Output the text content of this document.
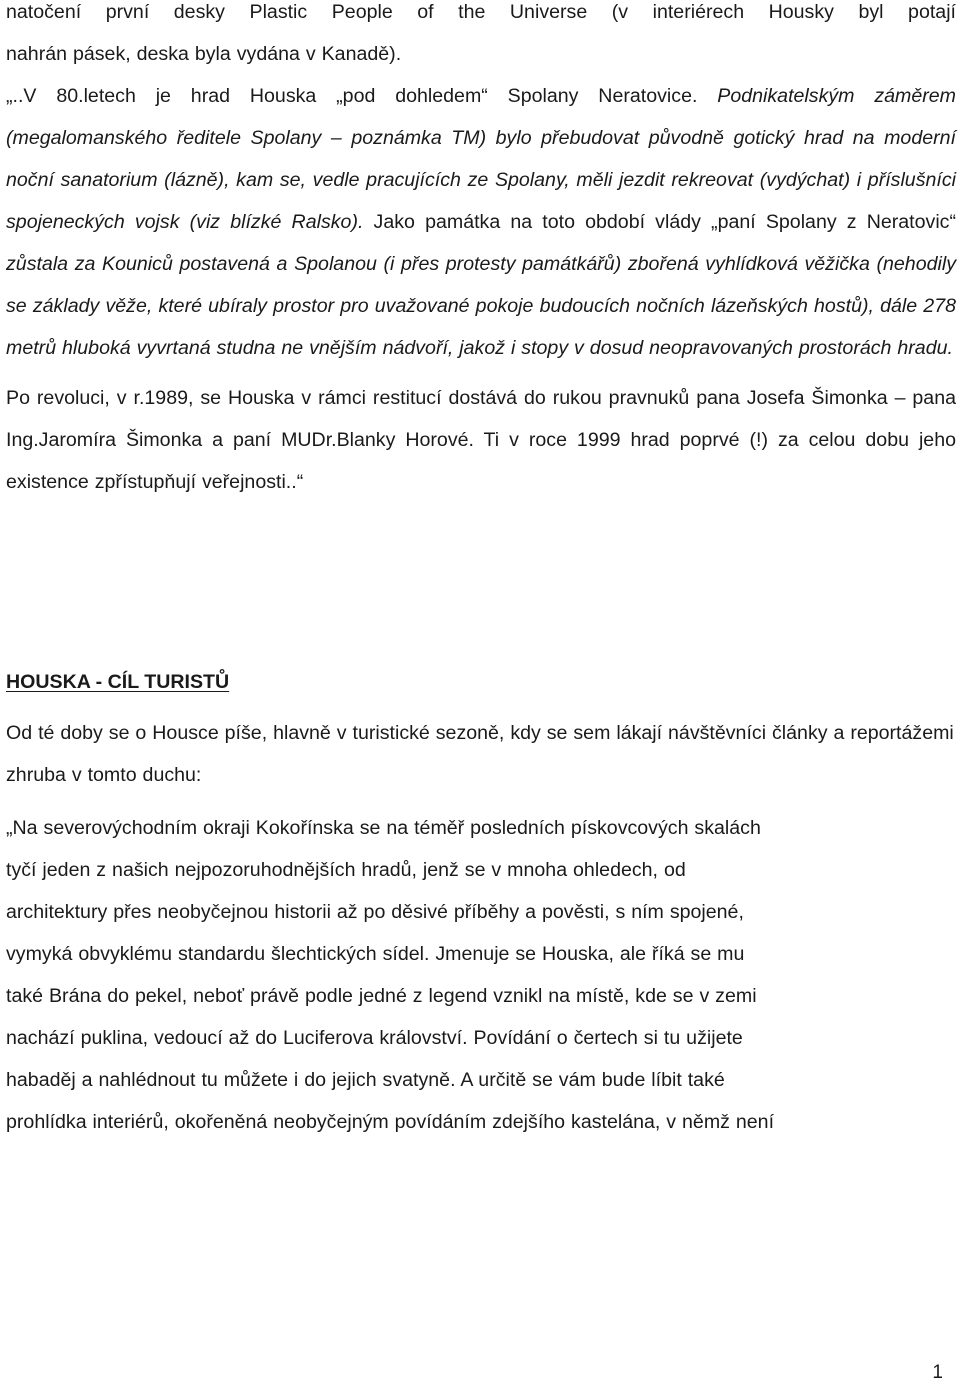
natočení první desky Plastic People of the Universe (v interiérech Housky byl potají
nahrán pásek, deska byla vydána v Kanadě).
„..V 80.letech je hrad Houska „pod dohledem“ Spolany Neratovice. Podnikatelským záměrem (megalomanského ředitele Spolany – poznámka TM) bylo přebudovat původně gotický hrad na moderní noční sanatorium (lázně), kam se, vedle pracujících ze Spolany, měli jezdit rekreovat (vydýchat) i příslušníci spojeneckých vojsk (viz blízké Ralsko). Jako památka na toto období vlády „paní Spolany z Neratovic“ zůstala za Kouniců postavená a Spolanou (i přes protesty památkářů) zbořená vyhlídková věžička (nehodily se základy věže, které ubíraly prostor pro uvažované pokoje budoucích nočních lázeňských hostů), dále 278 metrů hluboká vyvrtaná studna ne vnějším nádvoří, jakož i stopy v dosud neopravovaných prostorách hradu.

Po revoluci, v r.1989, se Houska v rámci restitucí dostává do rukou pravnuků pana Josefa Šimonka – pana Ing.Jaromíra Šimonka a paní MUDr.Blanky Horové. Ti v roce 1999 hrad poprvé (!) za celou dobu jeho existence zpřístupňují veřejnosti..“

HOUSKA - CÍL TURISTŮ

Od té doby se o Housce píše, hlavně v turistické sezoně, kdy se sem lákají návštěvníci články a reportážemi zhruba v tomto duchu:

„Na severovýchodním okraji Kokořínska se na téměř posledních pískovcových skalách
tyčí jeden z našich nejpozoruhodnějších hradů, jenž se v mnoha ohledech, od
architektury přes neobyčejnou historii až po děsivé příběhy a pověsti, s ním spojené,
vymyká obvyklému standardu šlechtických sídel. Jmenuje se Houska, ale říká se mu
také Brána do pekel, neboť právě podle jedné z legend vznikl na místě, kde se v zemi
nachází puklina, vedoucí až do Luciferova království. Povídání o čertech si tu užijete
habaděj a nahlédnout tu můžete i do jejich svatyně. A určitě se vám bude líbit také
prohlídka interiérů, okořeněná neobyčejným povídáním zdejšího kastelána, v němž není

1
